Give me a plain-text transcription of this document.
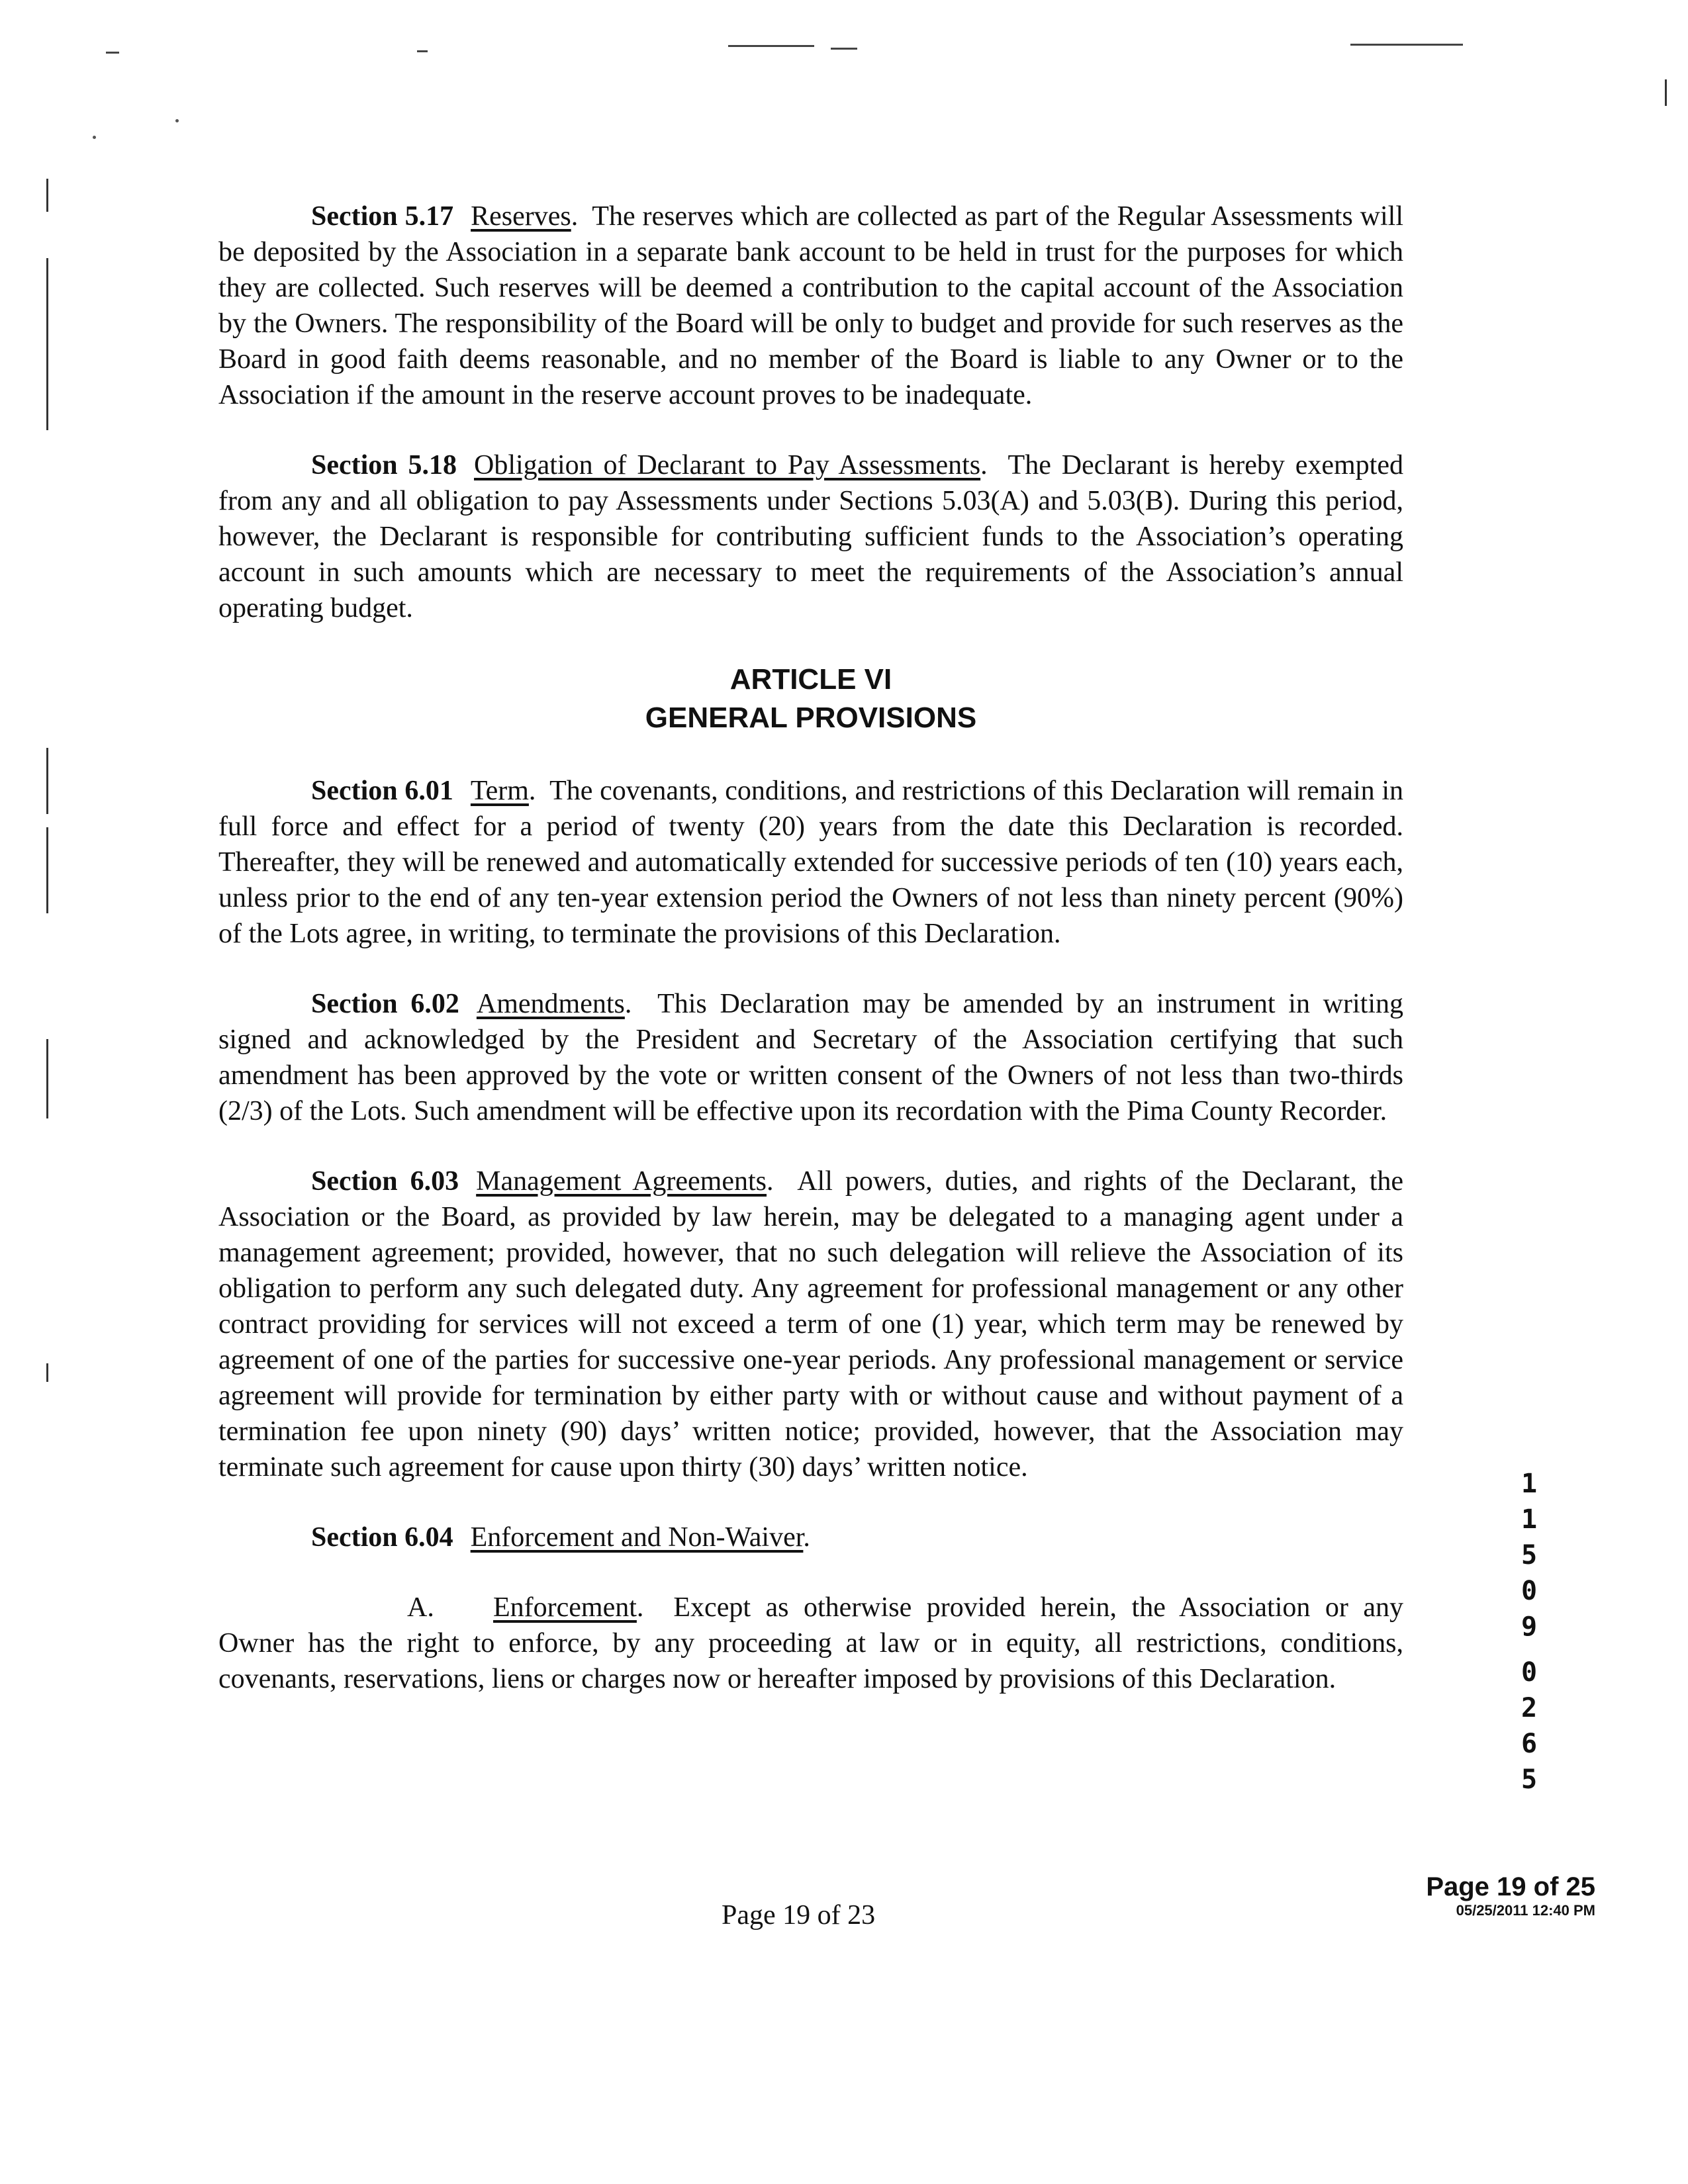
Section 5.17 Reserves.  The reserves which are collected as part of the Regular Assessments will be deposited by the Association in a separate bank account to be held in trust for the purposes for which they are collected. Such reserves will be deemed a contribution to the capital account of the Association by the Owners. The responsibility of the Board will be only to budget and provide for such reserves as the Board in good faith deems reasonable, and no member of the Board is liable to any Owner or to the Association if the amount in the reserve account proves to be inadequate.

Section 5.18 Obligation of Declarant to Pay Assessments.  The Declarant is hereby exempted from any and all obligation to pay Assessments under Sections 5.03(A) and 5.03(B). During this period, however, the Declarant is responsible for contributing sufficient funds to the Association’s operating account in such amounts which are necessary to meet the requirements of the Association’s annual operating budget.

ARTICLE VI
GENERAL PROVISIONS

Section 6.01 Term.  The covenants, conditions, and restrictions of this Declaration will remain in full force and effect for a period of twenty (20) years from the date this Declaration is recorded. Thereafter, they will be renewed and automatically extended for successive periods of ten (10) years each, unless prior to the end of any ten-year extension period the Owners of not less than ninety percent (90%) of the Lots agree, in writing, to terminate the provisions of this Declaration.

Section 6.02 Amendments.  This Declaration may be amended by an instrument in writing signed and acknowledged by the President and Secretary of the Association certifying that such amendment has been approved by the vote or written consent of the Owners of not less than two-thirds (2/3) of the Lots. Such amendment will be effective upon its recordation with the Pima County Recorder.

Section 6.03 Management Agreements.  All powers, duties, and rights of the Declarant, the Association or the Board, as provided by law herein, may be delegated to a managing agent under a management agreement; provided, however, that no such delegation will relieve the Association of its obligation to perform any such delegated duty. Any agreement for professional management or any other contract providing for services will not exceed a term of one (1) year, which term may be renewed by agreement of one of the parties for successive one-year periods. Any professional management or service agreement will provide for termination by either party with or without cause and without payment of a termination fee upon ninety (90) days’ written notice; provided, however, that the Association may terminate such agreement for cause upon thirty (30) days’ written notice.

Section 6.04 Enforcement and Non-Waiver.

A. Enforcement.  Except as otherwise provided herein, the Association or any Owner has the right to enforce, by any proceeding at law or in equity, all restrictions, conditions, covenants, reservations, liens or charges now or hereafter imposed by provisions of this Declaration.

1
1
5
0
9
0
2
6
5
Page 19 of 23
Page 19 of 25
05/25/2011 12:40 PM
